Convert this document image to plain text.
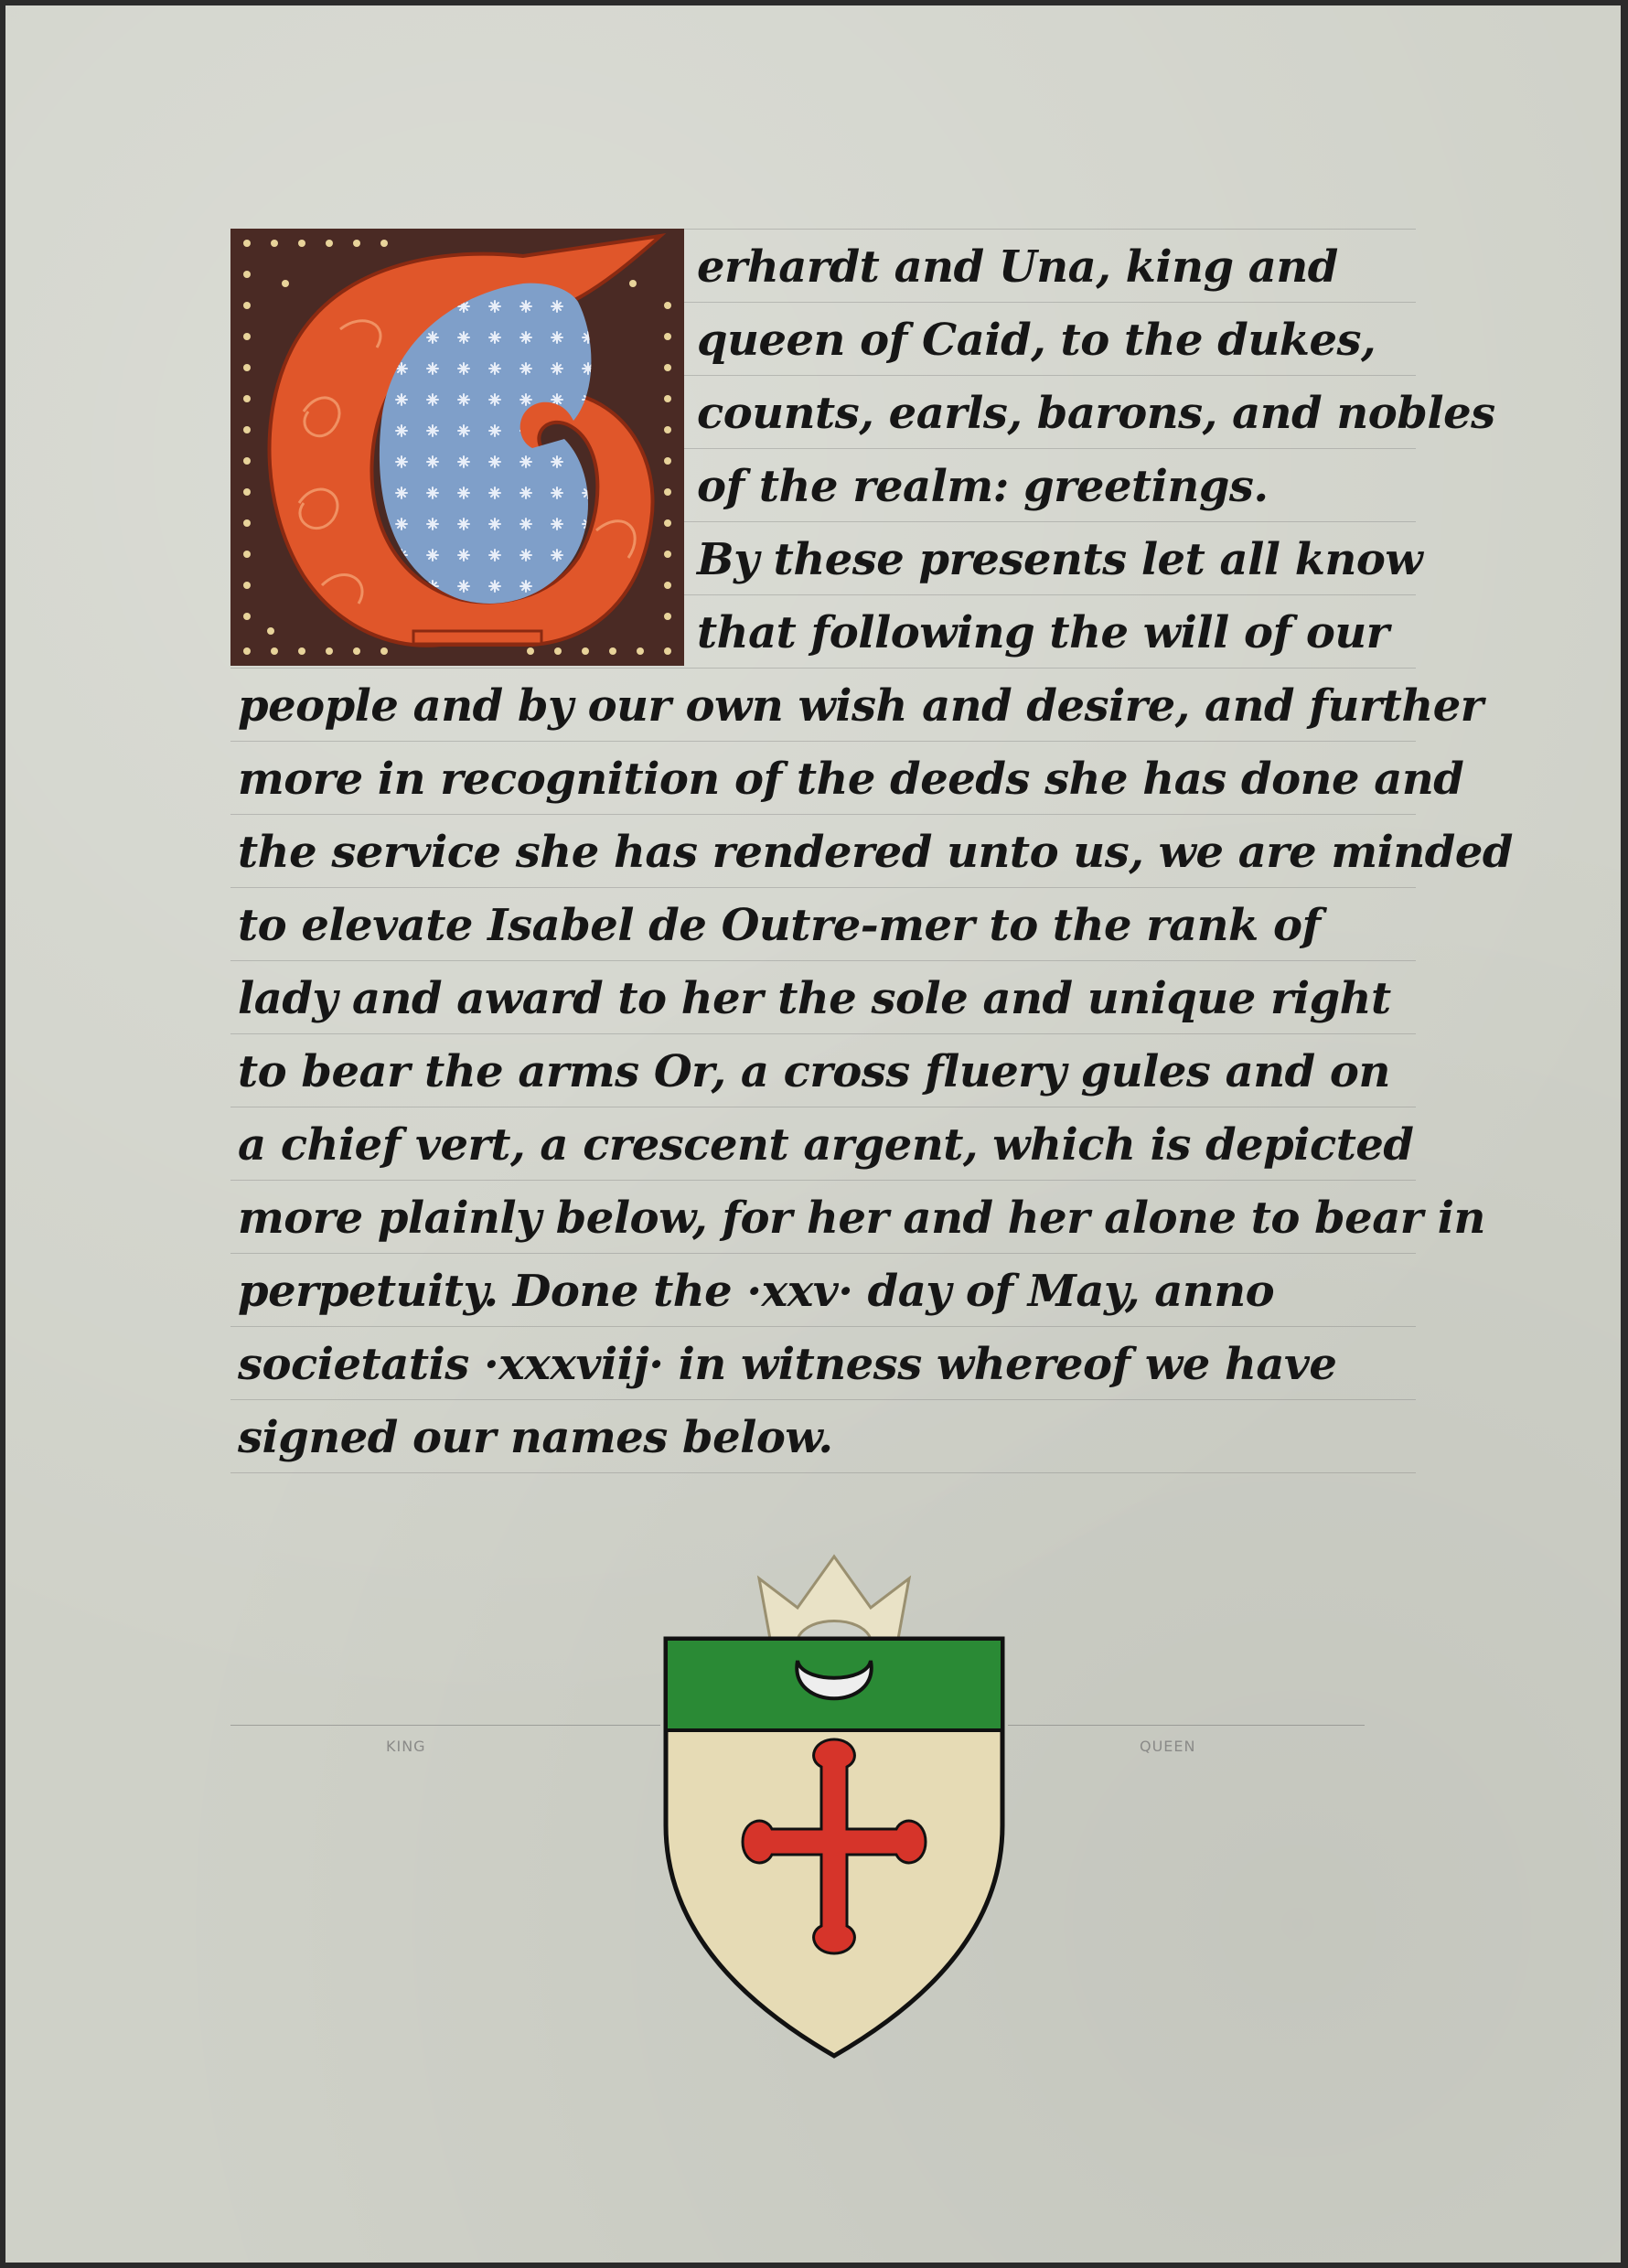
erhardt and Una, king and
queen of Caid, to the dukes,
counts, earls, barons, and nobles
of the realm: greetings.
By these presents let all know
that following the will of our
people and by our own wish and desire, and further
more in recognition of the deeds she has done and
the service she has rendered unto us, we are minded
to elevate Isabel de Outre-mer to the rank of
lady and award to her the sole and unique right
to bear the arms Or, a cross fluery gules and on
a chief vert, a crescent argent, which is depicted
more plainly below, for her and her alone to bear in
perpetuity. Done the ·xxv· day of May, anno
societatis ·xxxviij· in witness whereof we have
signed our names below.
KING	QUEEN
